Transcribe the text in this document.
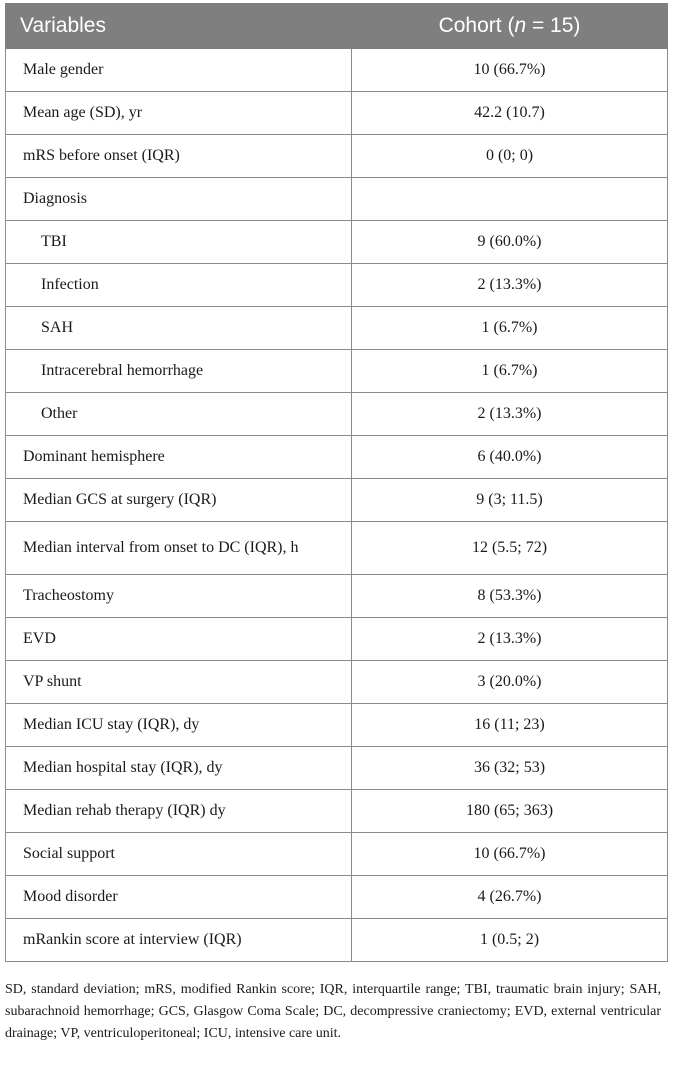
Variables	Cohort (n = 15)
Male gender	10 (66.7%)
Mean age (SD), yr	42.2 (10.7)
mRS before onset (IQR)	0 (0; 0)
Diagnosis	
TBI	9 (60.0%)
Infection	2 (13.3%)
SAH	1 (6.7%)
Intracerebral hemorrhage	1 (6.7%)
Other	2 (13.3%)
Dominant hemisphere	6 (40.0%)
Median GCS at surgery (IQR)	9 (3; 11.5)
Median interval from onset to DC (IQR), h	12 (5.5; 72)
Tracheostomy	8 (53.3%)
EVD	2 (13.3%)
VP shunt	3 (20.0%)
Median ICU stay (IQR), dy	16 (11; 23)
Median hospital stay (IQR), dy	36 (32; 53)
Median rehab therapy (IQR) dy	180 (65; 363)
Social support	10 (66.7%)
Mood disorder	4 (26.7%)
mRankin score at interview (IQR)	1 (0.5; 2)
SD, standard deviation; mRS, modified Rankin score; IQR, interquartile range; TBI, traumatic brain injury; SAH, subarachnoid hemorrhage; GCS, Glasgow Coma Scale; DC, decompressive craniectomy; EVD, external ventricular drainage; VP, ventriculoperitoneal; ICU, intensive care unit.
